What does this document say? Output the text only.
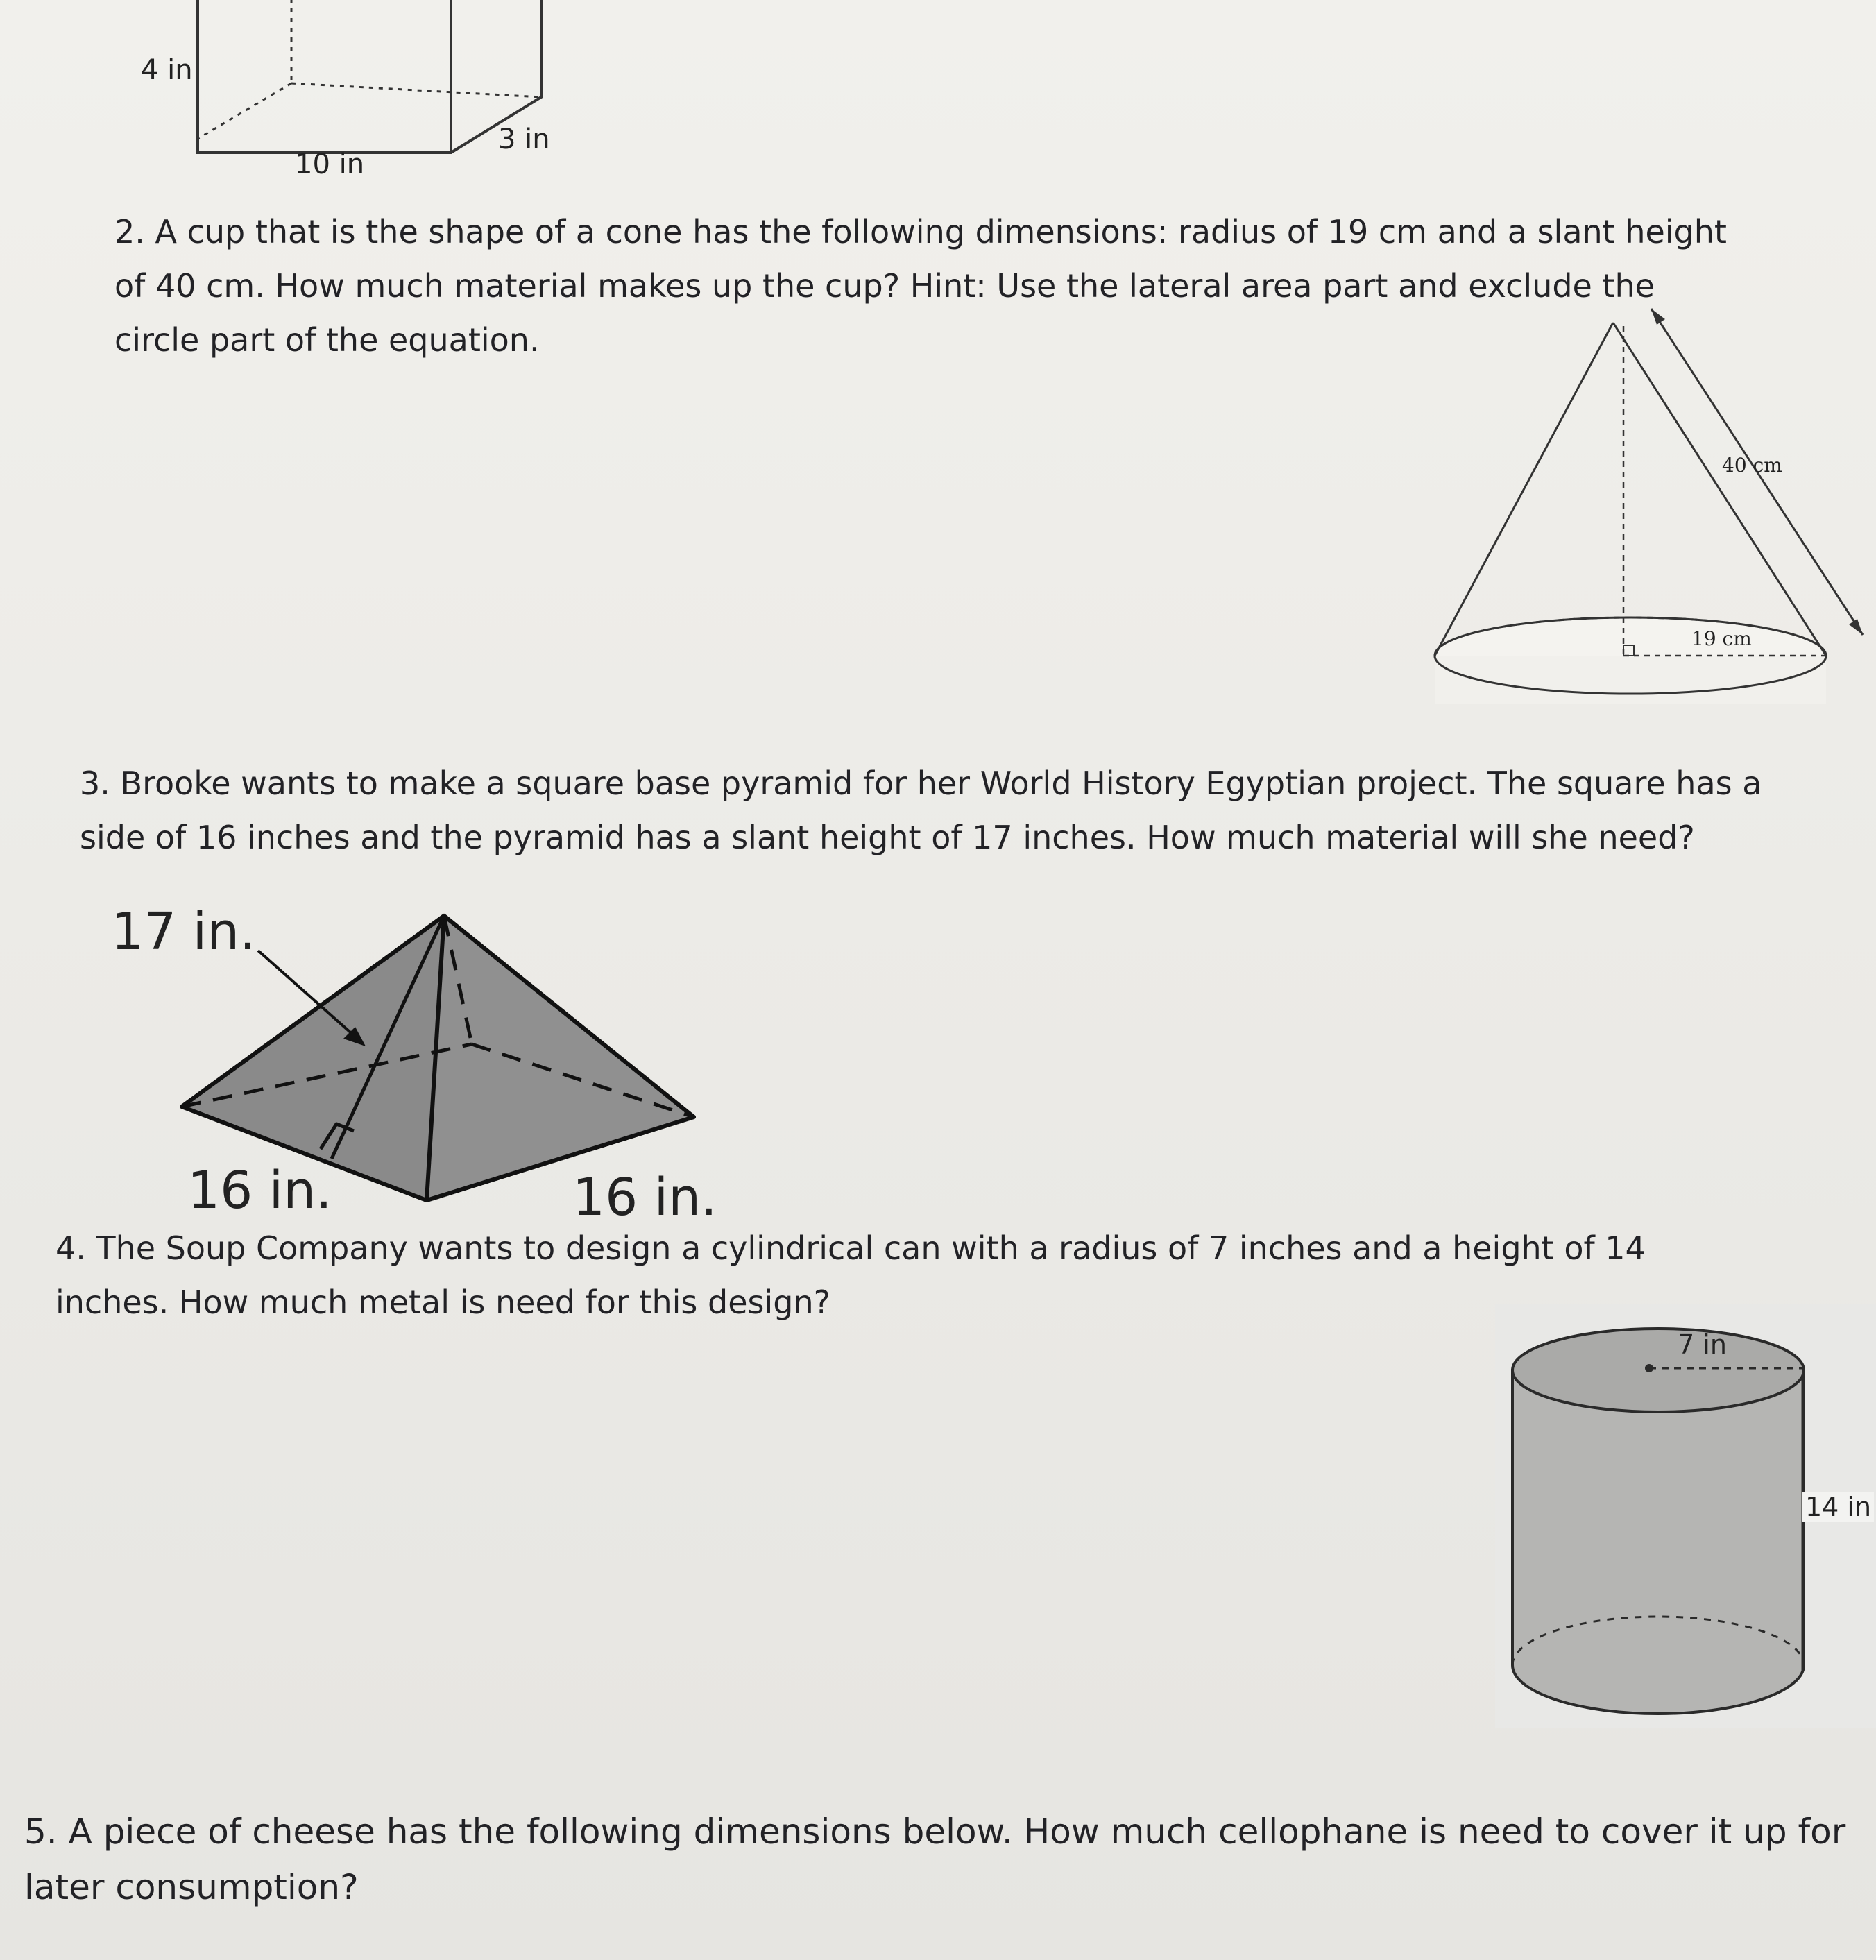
4 in
10 in
3 in

2. A cup that is the shape of a cone has the following dimensions: radius of 19 cm and a slant height of 40 cm. How much material makes up the cup? Hint: Use the lateral area part and exclude the circle part of the equation.

40 cm
19 cm

3. Brooke wants to make a square base pyramid for her World History Egyptian project. The square has a side of 16 inches and the pyramid has a slant height of 17 inches. How much material will she need?

17 in.
16 in.	16 in.

4. The Soup Company wants to design a cylindrical can with a radius of 7 inches and a height of 14 inches. How much metal is need for this design?

7 in
14 in

5. A piece of cheese has the following dimensions below. How much cellophane is need to cover it up for later consumption?
